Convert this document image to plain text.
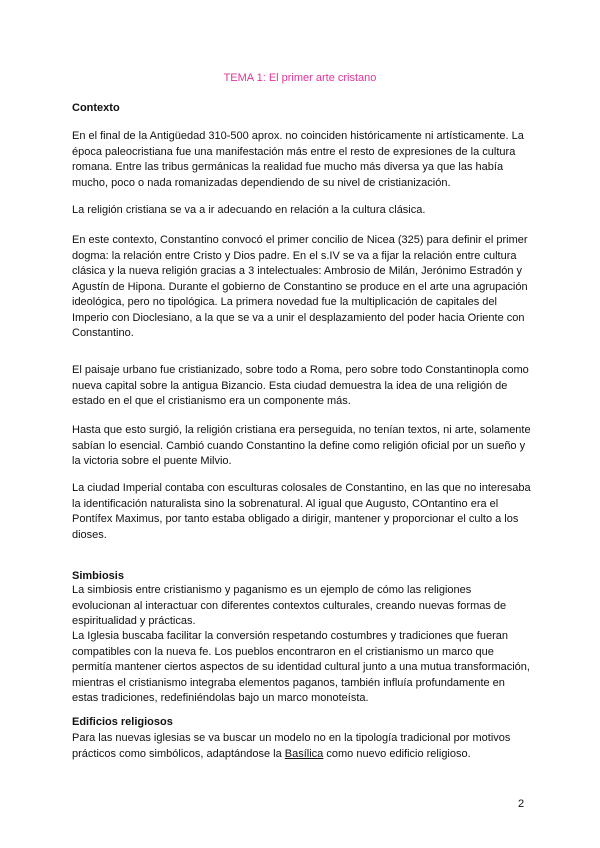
TEMA 1: El primer arte cristano
Contexto

En el final de la Antigüedad 310-500 aprox. no coinciden históricamente ni artísticamente. La época paleocristiana fue una manifestación más entre el resto de expresiones de la cultura romana. Entre las tribus germánicas la realidad fue mucho más diversa ya que las había mucho, poco o nada romanizadas dependiendo de su nivel de cristianización.

La religión cristiana se va a ir adecuando en relación a la cultura clásica.

En este contexto, Constantino convocó el primer concilio de Nicea (325) para definir el primer dogma: la relación entre Cristo y Dios padre. En el s.IV se va a fijar la relación entre cultura clásica y la nueva religión gracias a 3 intelectuales: Ambrosio de Milán, Jerónimo Estradón y Agustín de Hipona. Durante el gobierno de Constantino se produce en el arte una agrupación ideológica, pero no tipológica. La primera novedad fue la multiplicación de capitales del Imperio con Dioclesiano, a la que se va a unir el desplazamiento del poder hacia Oriente con Constantino.

El paisaje urbano fue cristianizado, sobre todo a Roma, pero sobre todo Constantinopla como nueva capital sobre la antigua Bizancio. Esta ciudad demuestra la idea de una religión de estado en el que el cristianismo era un componente más.

Hasta que esto surgió, la religión cristiana era perseguida, no tenían textos, ni arte, solamente sabían lo esencial. Cambió cuando Constantino la define como religión oficial por un sueño y la victoria sobre el puente Milvio.

La ciudad Imperial contaba con esculturas colosales de Constantino, en las que no interesaba la identificación naturalista sino la sobrenatural. Al igual que Augusto, COntantino era el Pontífex Maximus, por tanto estaba obligado a dirigir, mantener y proporcionar el culto a los dioses.

Simbiosis

La simbiosis entre cristianismo y paganismo es un ejemplo de cómo las religiones evolucionan al interactuar con diferentes contextos culturales, creando nuevas formas de espiritualidad y prácticas.

La Iglesia buscaba facilitar la conversión respetando costumbres y tradiciones que fueran compatibles con la nueva fe. Los pueblos encontraron en el cristianismo un marco que permitía mantener ciertos aspectos de su identidad cultural junto a una mutua transformación, mientras el cristianismo integraba elementos paganos, también influía profundamente en estas tradiciones, redefiniéndolas bajo un marco monoteísta.

Edificios religiosos

Para las nuevas iglesias se va buscar un modelo no en la tipología tradicional por motivos prácticos como simbólicos, adaptándose la Basílica como nuevo edificio religioso.

2
